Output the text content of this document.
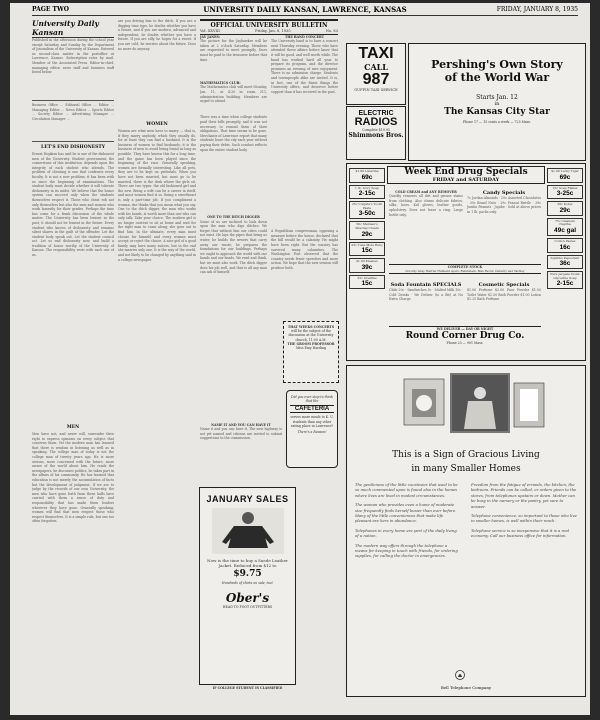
PAGE TWO	UNIVERSITY DAILY KANSAN, LAWRENCE, KANSAS	FRIDAY, JANUARY 8, 1935
University Daily Kansan
Published in the afternoon during the school year except Saturday and Sunday by the Department of Journalism of the University of Kansas. Entered as second-class matter in the postoffice at Lawrence, Kansas. Subscription rates by mail. Member of the Associated Press. Editor-in-chief, managing editor, news staff and business staff listed below.
Business Office ... Editorial Office ... Editor ... Managing Editor ... News Editor ... Sports Editor ... Society Editor ... Advertising Manager ... Circulation Manager ...
LET'S END DISHONESTY
Ernest Hopkins has said he is one of the dishonest men of the University. Student government, the cornerstone of this institution, depends upon the integrity of each student who attends. The problem of cheating is one that confronts every faculty. It is not a new problem; it has been with us since the beginning of examinations. The student body must decide whether it will tolerate dishonesty in its midst. We believe that the honor system can succeed only when the students themselves respect it. Those who cheat rob not only themselves but also the men and women who work honestly for their grades. Perhaps the time has come for a frank discussion of the whole matter. The University has been lenient in the past; it should not be lenient in the future. Every student who knows of dishonesty and remains silent shares in the guilt of the offender. Let the student body speak out. Let the student council act. Let us end dishonesty now, and build a tradition of honor worthy of the University of Kansas. The responsibility rests with each one of us.
MEN
Men have not, and never will, surrender their right to express opinions on every subject that concerns them. Yet the modern man has learned that there is wisdom in listening as well as in speaking. The college man of today is not the college man of twenty years ago. He is more serious, more concerned with the future, more aware of the world about him. He reads the newspapers, he discusses politics, he takes part in the affairs of his community. He has learned that education is not merely the accumulation of facts but the development of judgment. If we are to judge by the records of our own University, the men who have gone forth from these halls have carried with them a sense of duty and responsibility that has made them leaders wherever they have gone. Generally speaking, women will find that men respect those who respect themselves. It is a simple rule, but one too often forgotten.
are you driving him to the ditch. If you are a digging time type, he doubts whether you have a future, and if you are modern, advanced and independent, he doubts whether you have a future. If you are silly, he hopes for a sweet. If you are cold, he worries about the future. Does no more do anyway.
WOMEN
Women are what men have to marry — that is, if they marry anybody, which they usually do, for at least they can find a husband. It is the business of women to find husbands; it is the business of men to avoid being found as long as possible. They have known this for a long time, and the game has been played since the beginning of the race. Generally speaking, women are formally interesting. Like all pets, they are to be kept on pedestals. When you have not been married, but must go to be married, there is the desk where the girls sit. There are two types: the old fashioned girl and the new. Being a wife can be a career in itself, and most women find it so. Being a sweetheart is only a part-time job. If you compliment a woman, she thinks that you mean what you say. One to the ditch digger, the man who works with his hands, is worth more than one who can only talk. Take your choice. The modern girl is no longer content to sit at home and wait for the right man to come along; she goes out to find him. In the ultimate, every man must choose for himself, and every woman must accept or reject the choice. A nice girl of a good family may have many suitors, but in the end she marries only one. It is the way of the world, and not likely to be changed by anything said in a college newspaper.
OFFICIAL UNIVERSITY BULLETIN
Vol. XXVIII	Friday, Jan. 8, 1935	No. 83
JAY JANES:
The picture for the Jayhawker will be taken at 2 o'clock Saturday. Members are requested to meet promptly. Dues must be paid to the treasurer before that time.
MATHEMATICS CLUB:
The Mathematics club will meet Monday, Jan. 11, at 4:30 in room 211, administration building. Members are urged to attend.
There was a time when college students paid their bills promptly, and it was not necessary to remind them of their obligations. That time seems to be gone. Merchants of Lawrence report that many students leave the city each year without paying their debts. Such conduct reflects upon the entire student body.
ONE TO THE DITCH DIGGER
Some of us are inclined to look down upon the man who digs ditches. We forget that without him our cities could not exist. He lays the pipes that bring us water; he builds the sewers that carry away our waste; he prepares the foundations for our buildings. Perhaps we ought to approach the world with our hands and our heads. We read and think, but we must also work. The ditch digger does his job well, and that is all any man can ask of himself.
THE BAND CONCERT
The University band is to have a concert next Thursday evening. Those who have attended these affairs before know that it will be good, and well worth while. The band has worked hard all year to prepare its program, and the director promises an evening of rare enjoyment. There is no admission charge. Students and townspeople alike are invited. It is, in fact, one of the finest things the University offers, and deserves better support than it has received in the past.
A Republican congressman, opposing a measure before the house, declared that the bill would be a calamity. He might have been right. But the country has survived many calamities. The Washington Post observed that the country needs fewer speeches and more action. We hope that the new session will produce both.
THAT WEEKS CONCERTS
will be the subject of the discussion at the University church, 11:00 A.M.
THE GROOM PROFESSOR
Miss Emy Harding
Did you ever stop to think that the
CAFETERIA
serves more meals to K. U. students than any other eating place in Lawrence?
There's a Reason!
NAME IT AND YOU CAN HAVE IT
Name it and you can have it. The new highway is not yet named and citizens are invited to submit suggestions to the commission.
JANUARY SALES
Now is the time to buy a Suede Leather Jacket. Reduced from $12 to
$9.75
Hundreds of shirts on sale, too!
Ober's
HEAD TO FOOT OUTFITTERS
IF COLLEGE STUDENT IS CLASSIFIED
TAXI
CALL
987
GUFFIN TAXI SERVICE
ELECTRIC
RADIOS
Complete $19.95
Shimmons Bros.
Pershing's Own Story
of the World War
Starts Jan. 12
in
The Kansas City Star
Phone 17 — 15 cents a week — 725 Mass.
Week End Drug Specials
FRIDAY and SATURDAY
$1.00 Listerine
69c
1 lb. Ivory Soap
2-15c
25c Colgate's Tooth Paste
3-50c
50c Mennen's Shaving Cream
29c
25c Tube Mole Ruby
15c
$1.00 Kleenex
39c
25c Ovaltine
15c
$1.00 Lucky Tiger
69c
10c Soap Flakes
3-25c
50c Kotex
29c
75c Cleaners Naptha
49c gal
Cotton Pastes
16c
Squibbs Pepsodent
36c
Pure Jergens Violet Glycerine Soap
2-15c
COLD CREAM and ANY REMOVER
Quickly removes all dirt and grease stains from clothing. Also cleans delicate fabrics, silks, laces. Kid gloves, leather goods, upholstery. Does not leave a ring. Large bottle only.
Candy Specials
7c Jordan Almonds · 29c Assorted Chocolates · 39c Brazil Nuts · 29c Peanut Brittle · 39c Jumbo Peanuts · Jujube · Sold at above prices in 1 lb. packs only.
COMPLETE STOCK
Dorothy Gray, Harriet Hubbard Ayers, Rubinstein, Max Factor, Dubarry and Yardley
Soda Fountain SPECIALS
Chile 20c · Sandwiches 5c · Malted Milk 10c · Cold Drinks · We Deliver (to a Bit) at No Extra Charge
Cosmetic Specials
$1.00 Perfume $2.00 Face Powder $1.00 Toilet Water $1.50 Bath Powder $1.00 Lotion $1.25 Bath Perfume
WE DELIVER — DAY OR NIGHT
Round Corner Drug Co.
Phone 23 — 901 Mass.
This is a Sign of Gracious Living
in many Smaller Homes
The gentleness of the little courtesies that used to be so much commented upon is found also in the homes where lives are lived in modest circumstances.
The woman who provides even a home of moderate size frequently finds herself busier than ever before. Many of the little conveniences that make life pleasant are hers in abundance.
Telephones in every home are part of the daily living of a nation.
The modern way offers through the telephone a means for keeping in touch with friends, for ordering supplies, for calling the doctor in emergencies.
Freedom from the fatigue of errands, the kitchen, the bedroom. Friends can be called, or orders given to the stores, from telephones upstairs or down. Mother can be busy in the nursery or the pantry, yet sure to answer.
Telephone convenience, so important to those who live in smaller homes, is well within their reach.
Telephone service is so inexpensive that it is a real economy. Call our business office for information.
Bell Telephone Company
